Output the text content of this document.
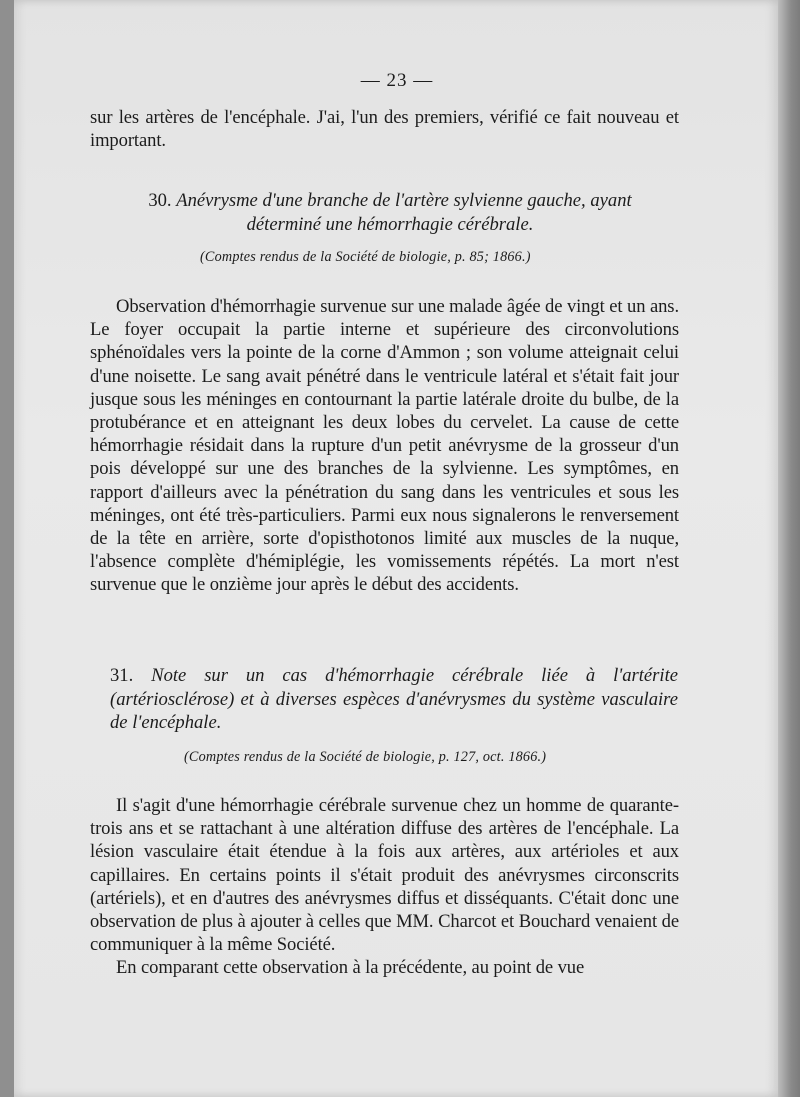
— 23 —

sur les artères de l'encéphale. J'ai, l'un des premiers, vérifié ce fait nouveau et important.

30. Anévrysme d'une branche de l'artère sylvienne gauche, ayant déterminé une hémorrhagie cérébrale.
(Comptes rendus de la Société de biologie, p. 85; 1866.)

Observation d'hémorrhagie survenue sur une malade âgée de vingt et un ans. Le foyer occupait la partie interne et supérieure des circonvolutions sphénoïdales vers la pointe de la corne d'Ammon ; son volume atteignait celui d'une noisette. Le sang avait pénétré dans le ventricule latéral et s'était fait jour jusque sous les méninges en contournant la partie latérale droite du bulbe, de la protubérance et en atteignant les deux lobes du cervelet. La cause de cette hémorrhagie résidait dans la rupture d'un petit anévrysme de la grosseur d'un pois développé sur une des branches de la sylvienne. Les symptômes, en rapport d'ailleurs avec la pénétration du sang dans les ventricules et sous les méninges, ont été très-particuliers. Parmi eux nous signalerons le renversement de la tête en arrière, sorte d'opisthotonos limité aux muscles de la nuque, l'absence complète d'hémiplégie, les vomissements répétés. La mort n'est survenue que le onzième jour après le début des accidents.

31. Note sur un cas d'hémorrhagie cérébrale liée à l'artérite (artériosclérose) et à diverses espèces d'anévrysmes du système vasculaire de l'encéphale.
(Comptes rendus de la Société de biologie, p. 127, oct. 1866.)

Il s'agit d'une hémorrhagie cérébrale survenue chez un homme de quarante-trois ans et se rattachant à une altération diffuse des artères de l'encéphale. La lésion vasculaire était étendue à la fois aux artères, aux artérioles et aux capillaires. En certains points il s'était produit des anévrysmes circonscrits (artériels), et en d'autres des anévrysmes diffus et disséquants. C'était donc une observation de plus à ajouter à celles que MM. Charcot et Bouchard venaient de communiquer à la même Société.

En comparant cette observation à la précédente, au point de vue
